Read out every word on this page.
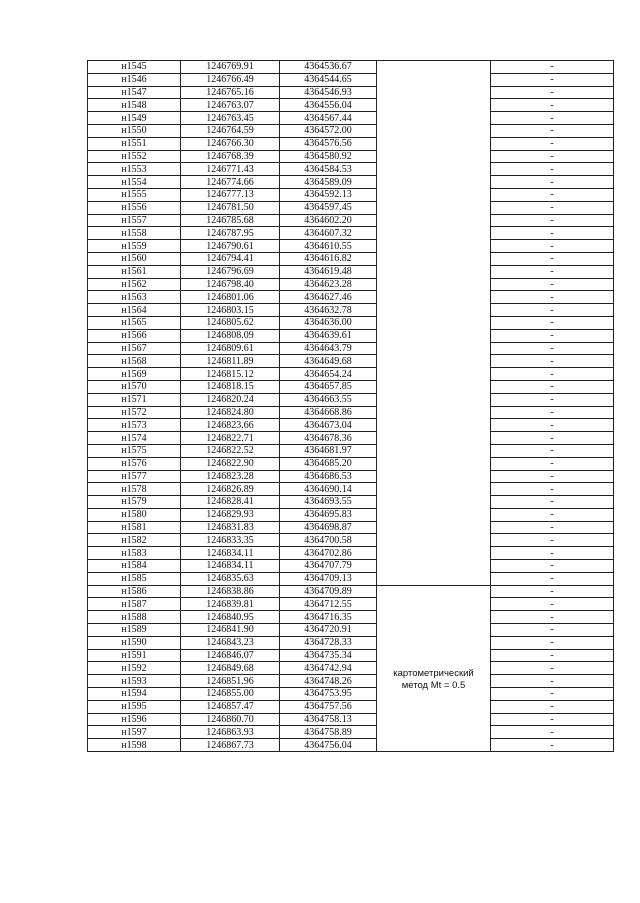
н1545	1246769.91	4364536.67		-
н1546	1246766.49	4364544.65		-
н1547	1246765.16	4364546.93		-
н1548	1246763.07	4364556.04		-
н1549	1246763.45	4364567.44		-
н1550	1246764.59	4364572.00		-
н1551	1246766.30	4364576.56		-
н1552	1246768.39	4364580.92		-
н1553	1246771.43	4364584.53		-
н1554	1246774.66	4364589.09		-
н1555	1246777.13	4364592.13		-
н1556	1246781.50	4364597.45		-
н1557	1246785.68	4364602.20		-
н1558	1246787.95	4364607.32		-
н1559	1246790.61	4364610.55		-
н1560	1246794.41	4364616.82		-
н1561	1246796.69	4364619.48		-
н1562	1246798.40	4364623.28		-
н1563	1246801.06	4364627.46		-
н1564	1246803.15	4364632.78		-
н1565	1246805.62	4364636.00		-
н1566	1246808.09	4364639.61		-
н1567	1246809.61	4364643.79		-
н1568	1246811.89	4364649.68		-
н1569	1246815.12	4364654.24		-
н1570	1246818.15	4364657.85		-
н1571	1246820.24	4364663.55		-
н1572	1246824.80	4364668.86		-
н1573	1246823.66	4364673.04		-
н1574	1246822.71	4364678.36		-
н1575	1246822.52	4364681.97		-
н1576	1246822.90	4364685.20		-
н1577	1246823.28	4364686.53		-
н1578	1246826.89	4364690.14		-
н1579	1246828.41	4364693.55		-
н1580	1246829.93	4364695.83		-
н1581	1246831.83	4364698.87		-
н1582	1246833.35	4364700.58		-
н1583	1246834.11	4364702.86		-
н1584	1246834.11	4364707.79		-
н1585	1246835.63	4364709.13		-
н1586	1246838.86	4364709.89	картометрический
метод Mt = 0.5	-
н1587	1246839.81	4364712.55		-
н1588	1246840.95	4364716.35		-
н1589	1246841.90	4364720.91		-
н1590	1246843.23	4364728.33		-
н1591	1246846.07	4364735.34		-
н1592	1246849.68	4364742.94		-
н1593	1246851.96	4364748.26		-
н1594	1246855.00	4364753.95		-
н1595	1246857.47	4364757.56		-
н1596	1246860.70	4364758.13		-
н1597	1246863.93	4364758.89		-
н1598	1246867.73	4364756.04		-
